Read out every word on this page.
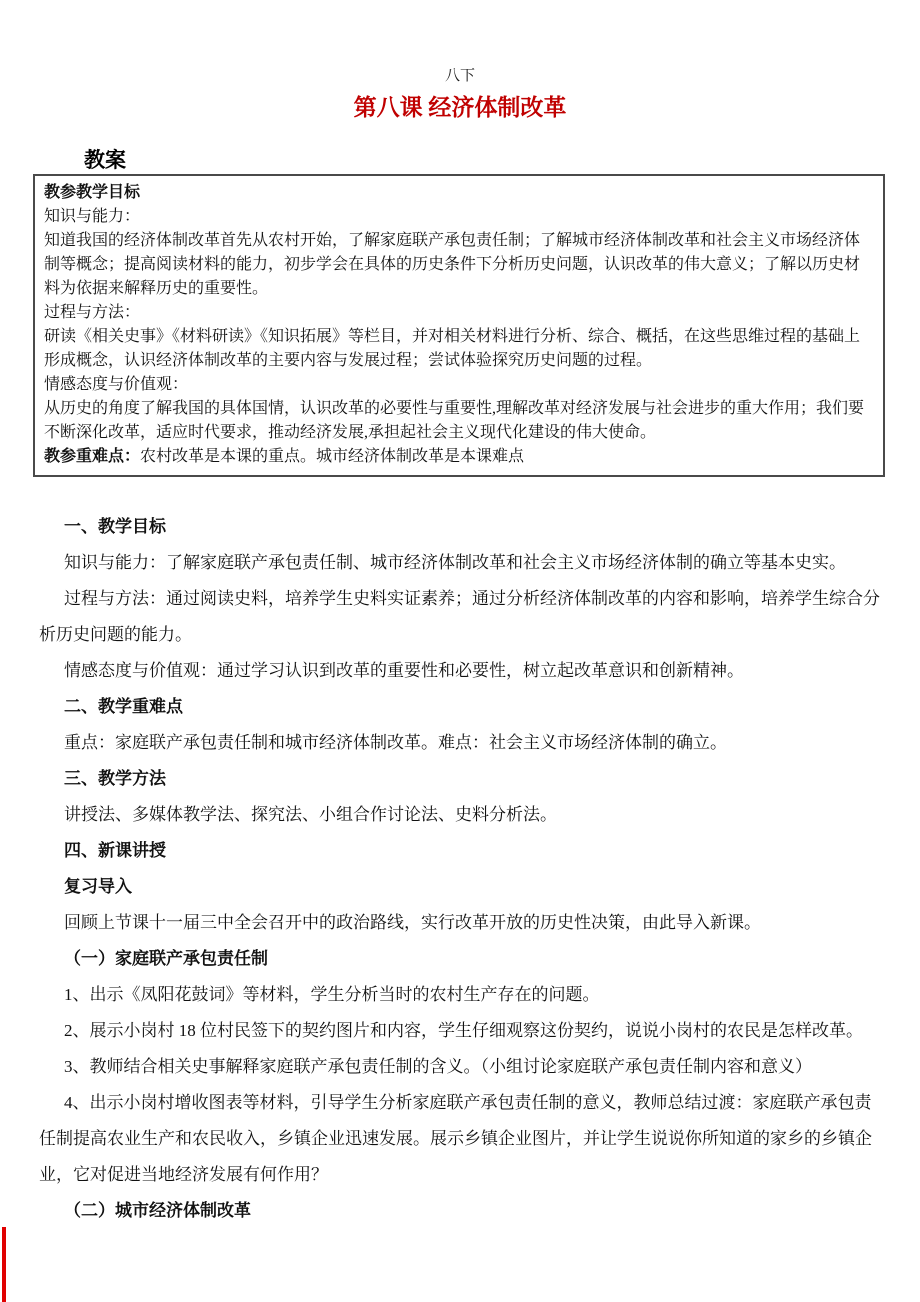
八下
第八课 经济体制改革
教案

教参教学目标

知识与能力：

知道我国的经济体制改革首先从农村开始，了解家庭联产承包责任制；了解城市经济体制改革和社会主义市场经济体制等概念；提高阅读材料的能力，初步学会在具体的历史条件下分析历史问题，认识改革的伟大意义；了解以历史材料为依据来解释历史的重要性。

过程与方法：

研读《相关史事》《材料研读》《知识拓展》等栏目，并对相关材料进行分析、综合、概括，在这些思维过程的基础上形成概念，认识经济体制改革的主要内容与发展过程；尝试体验探究历史问题的过程。

情感态度与价值观：

从历史的角度了解我国的具体国情，认识改革的必要性与重要性,理解改革对经济发展与社会进步的重大作用；我们要不断深化改革，适应时代要求，推动经济发展,承担起社会主义现代化建设的伟大使命。

教参重难点：农村改革是本课的重点。城市经济体制改革是本课难点

一、教学目标

知识与能力：了解家庭联产承包责任制、城市经济体制改革和社会主义市场经济体制的确立等基本史实。

过程与方法：通过阅读史料，培养学生史料实证素养；通过分析经济体制改革的内容和影响，培养学生综合分析历史问题的能力。

情感态度与价值观：通过学习认识到改革的重要性和必要性，树立起改革意识和创新精神。

二、教学重难点

重点：家庭联产承包责任制和城市经济体制改革。难点：社会主义市场经济体制的确立。

三、教学方法

讲授法、多媒体教学法、探究法、小组合作讨论法、史料分析法。

四、新课讲授

复习导入

回顾上节课十一届三中全会召开中的政治路线，实行改革开放的历史性决策，由此导入新课。

（一）家庭联产承包责任制

1、出示《凤阳花鼓词》等材料，学生分析当时的农村生产存在的问题。

2、展示小岗村 18 位村民签下的契约图片和内容，学生仔细观察这份契约，说说小岗村的农民是怎样改革。

3、教师结合相关史事解释家庭联产承包责任制的含义。（小组讨论家庭联产承包责任制内容和意义）

4、出示小岗村增收图表等材料，引导学生分析家庭联产承包责任制的意义，教师总结过渡：家庭联产承包责任制提高农业生产和农民收入，乡镇企业迅速发展。展示乡镇企业图片，并让学生说说你所知道的家乡的乡镇企业，它对促进当地经济发展有何作用？

（二）城市经济体制改革
